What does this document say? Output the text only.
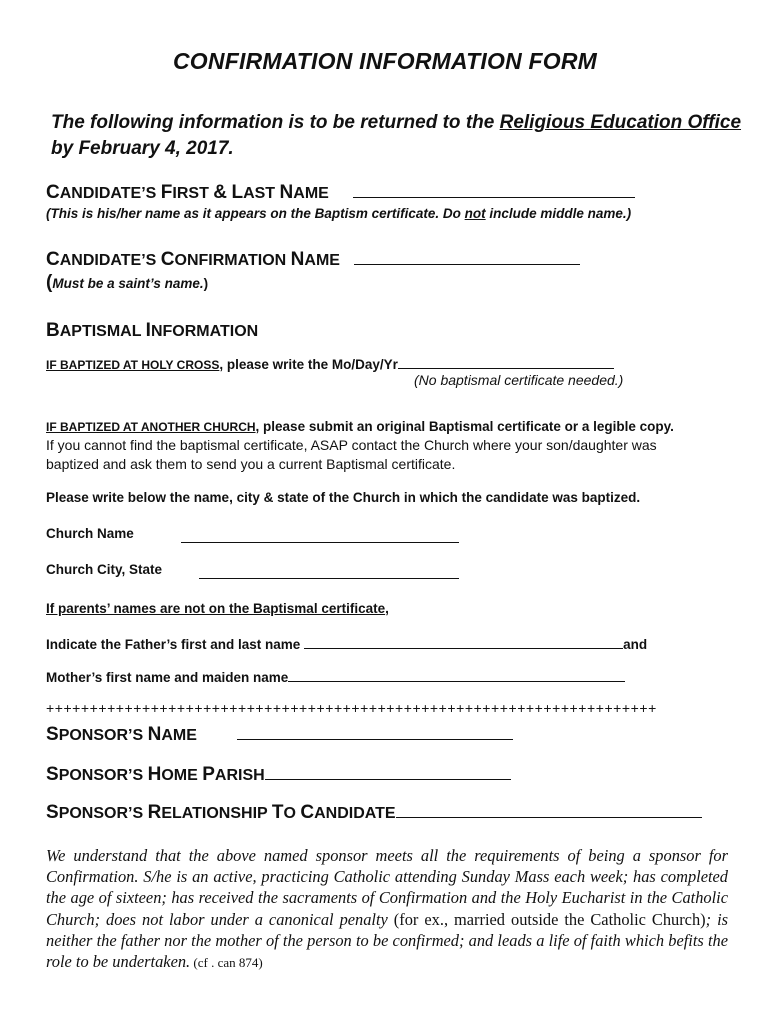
CONFIRMATION INFORMATION FORM
The following information is to be returned to the Religious Education Office by February 4, 2017.
CANDIDATE’S FIRST & LAST NAME
(This is his/her name as it appears on the Baptism certificate. Do not include middle name.)
CANDIDATE’S CONFIRMATION NAME
(Must be a saint’s name.)
BAPTISMAL INFORMATION
IF BAPTIZED AT HOLY CROSS, please write the Mo/Day/Yr
(No baptismal certificate needed.)
IF BAPTIZED AT ANOTHER CHURCH, please submit an original Baptismal certificate or a legible copy.
If you cannot find the baptismal certificate, ASAP contact the Church where your son/daughter was
baptized and ask them to send you a current Baptismal certificate.
Please write below the name, city & state of the Church in which the candidate was baptized.
Church Name
Church City, State
If parents’ names are not on the Baptismal certificate,
Indicate the Father’s first and last name	and
Mother’s first name and maiden name
++++++++++++++++++++++++++++++++++++++++++++++++++++++++++++++++++++++
SPONSOR’S NAME
SPONSOR’S HOME PARISH
SPONSOR’S RELATIONSHIP TO CANDIDATE
We understand that the above named sponsor meets all the requirements of being a sponsor for Confirmation. S/he is an active, practicing Catholic attending Sunday Mass each week; has completed the age of sixteen; has received the sacraments of Confirmation and the Holy Eucharist in the Catholic Church; does not labor under a canonical penalty (for ex., married outside the Catholic Church); is neither the father nor the mother of the person to be confirmed; and leads a life of faith which befits the role to be undertaken. (cf . can 874)
